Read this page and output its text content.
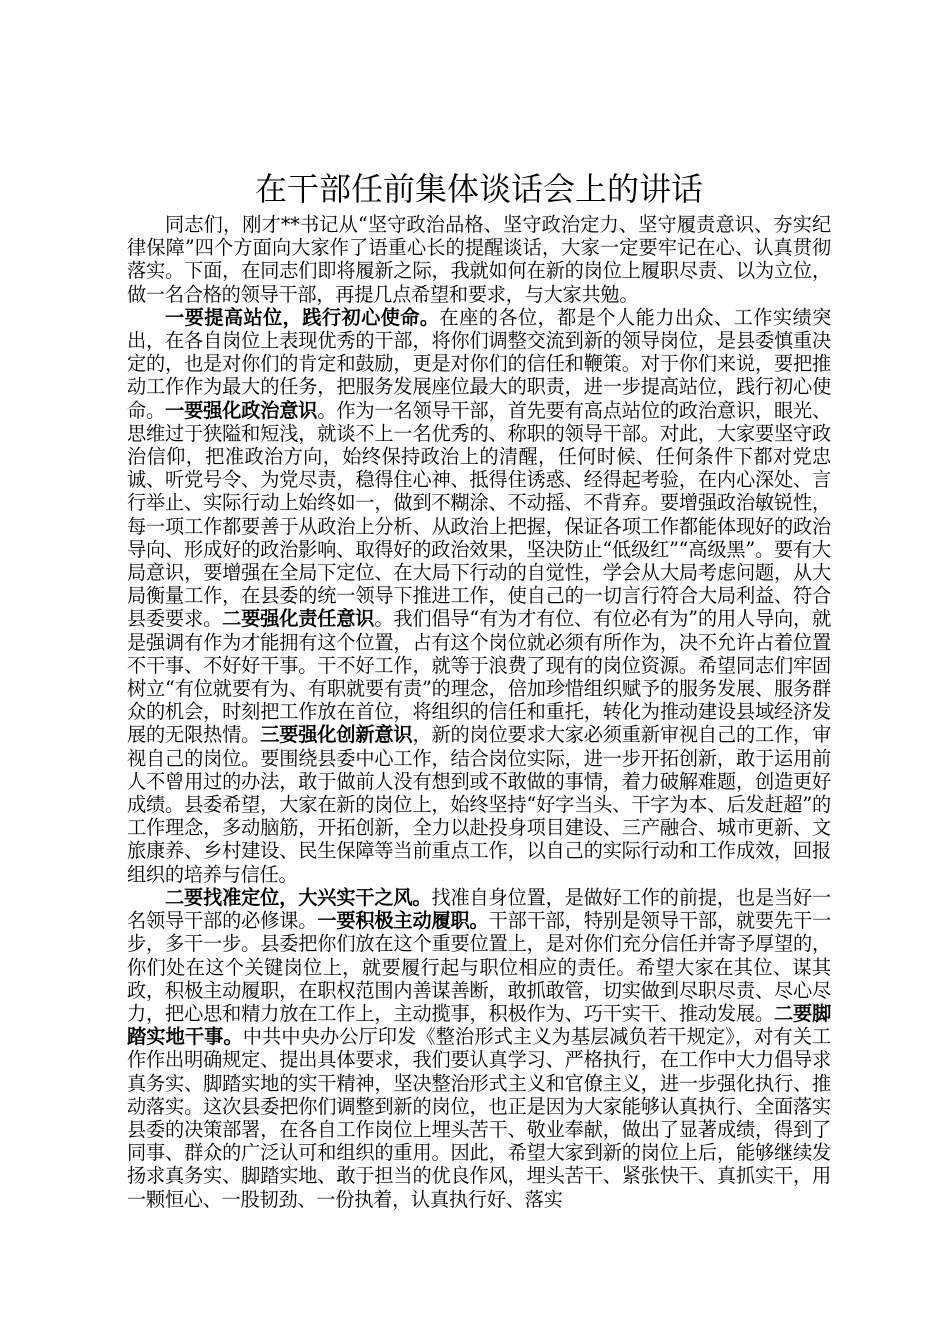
在干部任前集体谈话会上的讲话

同志们，刚才**书记从“坚守政治品格、坚守政治定力、坚守履责意识、夯实纪律保障”四个方面向大家作了语重心长的提醒谈话，大家一定要牢记在心、认真贯彻落实。下面，在同志们即将履新之际，我就如何在新的岗位上履职尽责、以为立位，做一名合格的领导干部，再提几点希望和要求，与大家共勉。

一要提高站位，践行初心使命。在座的各位，都是个人能力出众、工作实绩突出，在各自岗位上表现优秀的干部，将你们调整交流到新的领导岗位，是县委慎重决定的，也是对你们的肯定和鼓励，更是对你们的信任和鞭策。对于你们来说，要把推动工作作为最大的任务，把服务发展座位最大的职责，进一步提高站位，践行初心使命。一要强化政治意识。作为一名领导干部，首先要有高点站位的政治意识，眼光、思维过于狭隘和短浅，就谈不上一名优秀的、称职的领导干部。对此，大家要坚守政治信仰，把准政治方向，始终保持政治上的清醒，任何时候、任何条件下都对党忠诚、听党号令、为党尽责，稳得住心神、抵得住诱惑、经得起考验，在内心深处、言行举止、实际行动上始终如一，做到不糊涂、不动摇、不背弃。要增强政治敏锐性，每一项工作都要善于从政治上分析、从政治上把握，保证各项工作都能体现好的政治导向、形成好的政治影响、取得好的政治效果，坚决防止“低级红”“高级黑”。要有大局意识，要增强在全局下定位、在大局下行动的自觉性，学会从大局考虑问题，从大局衡量工作，在县委的统一领导下推进工作，使自己的一切言行符合大局利益、符合县委要求。二要强化责任意识。我们倡导“有为才有位、有位必有为”的用人导向，就是强调有作为才能拥有这个位置，占有这个岗位就必须有所作为，决不允许占着位置不干事、不好好干事。干不好工作，就等于浪费了现有的岗位资源。希望同志们牢固树立“有位就要有为、有职就要有责”的理念，倍加珍惜组织赋予的服务发展、服务群众的机会，时刻把工作放在首位，将组织的信任和重托，转化为推动建设县域经济发展的无限热情。三要强化创新意识，新的岗位要求大家必须重新审视自己的工作，审视自己的岗位。要围绕县委中心工作，结合岗位实际，进一步开拓创新，敢于运用前人不曾用过的办法，敢于做前人没有想到或不敢做的事情，着力破解难题，创造更好成绩。县委希望，大家在新的岗位上，始终坚持“好字当头、干字为本、后发赶超”的工作理念，多动脑筋，开拓创新，全力以赴投身项目建设、三产融合、城市更新、文旅康养、乡村建设、民生保障等当前重点工作，以自己的实际行动和工作成效，回报组织的培养与信任。

二要找准定位，大兴实干之风。找准自身位置，是做好工作的前提，也是当好一名领导干部的必修课。一要积极主动履职。干部干部，特别是领导干部，就要先干一步，多干一步。县委把你们放在这个重要位置上，是对你们充分信任并寄予厚望的，你们处在这个关键岗位上，就要履行起与职位相应的责任。希望大家在其位、谋其政，积极主动履职，在职权范围内善谋善断，敢抓敢管，切实做到尽职尽责、尽心尽力，把心思和精力放在工作上，主动揽事，积极作为、巧干实干、推动发展。二要脚踏实地干事。中共中央办公厅印发《整治形式主义为基层减负若干规定》，对有关工作作出明确规定、提出具体要求，我们要认真学习、严格执行，在工作中大力倡导求真务实、脚踏实地的实干精神，坚决整治形式主义和官僚主义，进一步强化执行、推动落实。这次县委把你们调整到新的岗位，也正是因为大家能够认真执行、全面落实县委的决策部署，在各自工作岗位上埋头苦干、敬业奉献，做出了显著成绩，得到了同事、群众的广泛认可和组织的重用。因此，希望大家到新的岗位上后，能够继续发扬求真务实、脚踏实地、敢于担当的优良作风，埋头苦干、紧张快干、真抓实干，用一颗恒心、一股韧劲、一份执着，认真执行好、落实
